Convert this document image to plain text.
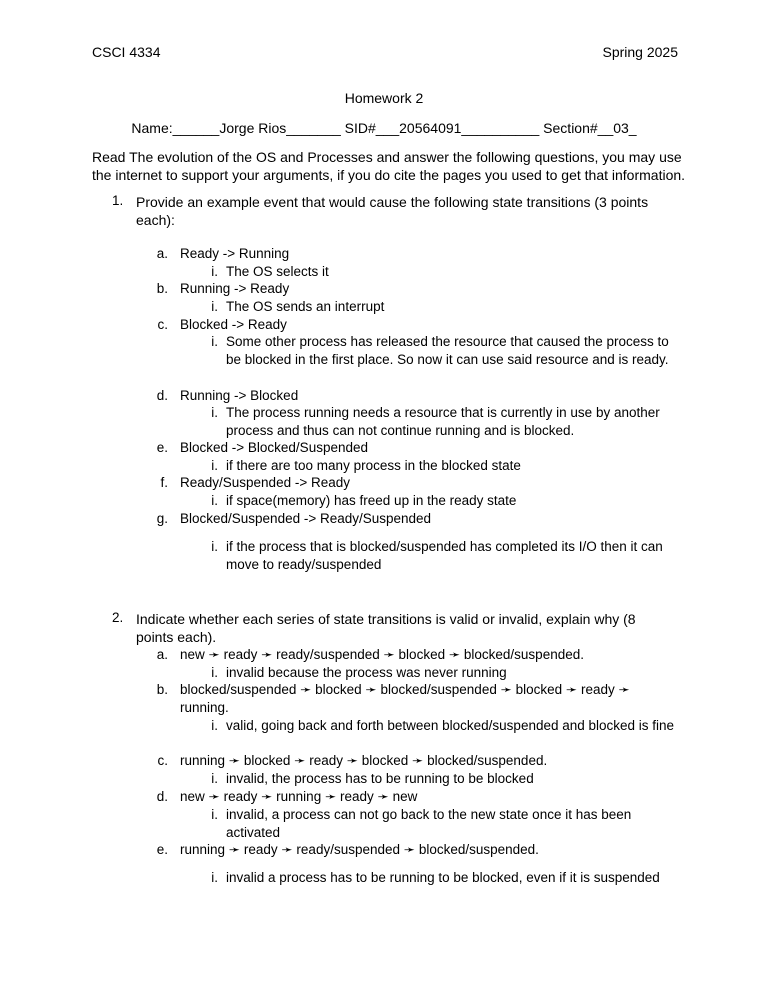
CSCI 4334	Spring 2025
Homework 2
Name:______Jorge Rios_______ SID#___20564091__________ Section#__03_
Read The evolution of the OS and Processes and answer the following questions, you may use the internet to support your arguments, if you do cite the pages you used to get that information.
1. Provide an example event that would cause the following state transitions (3 points each):
a. Ready -> Running
i. The OS selects it
b. Running -> Ready
i. The OS sends an interrupt
c. Blocked -> Ready
i. Some other process has released the resource that caused the process to be blocked in the first place. So now it can use said resource and is ready.
d. Running -> Blocked
i. The process running needs a resource that is currently in use by another process and thus can not continue running and is blocked.
e. Blocked -> Blocked/Suspended
i. if there are too many process in the blocked state
f. Ready/Suspended -> Ready
i. if space(memory) has freed up in the ready state
g. Blocked/Suspended -> Ready/Suspended
i. if the process that is blocked/suspended has completed its I/O then it can move to ready/suspended
2. Indicate whether each series of state transitions is valid or invalid, explain why (8 points each).
a. new ➛ ready ➛ ready/suspended ➛ blocked ➛ blocked/suspended.
i. invalid because the process was never running
b. blocked/suspended ➛ blocked ➛ blocked/suspended ➛ blocked ➛ ready ➛ running.
i. valid, going back and forth between blocked/suspended and blocked is fine
c. running ➛ blocked ➛ ready ➛ blocked ➛ blocked/suspended.
i. invalid, the process has to be running to be blocked
d. new ➛ ready ➛ running ➛ ready ➛ new
i. invalid, a process can not go back to the new state once it has been activated
e. running ➛ ready ➛ ready/suspended ➛ blocked/suspended.
i. invalid a process has to be running to be blocked, even if it is suspended
